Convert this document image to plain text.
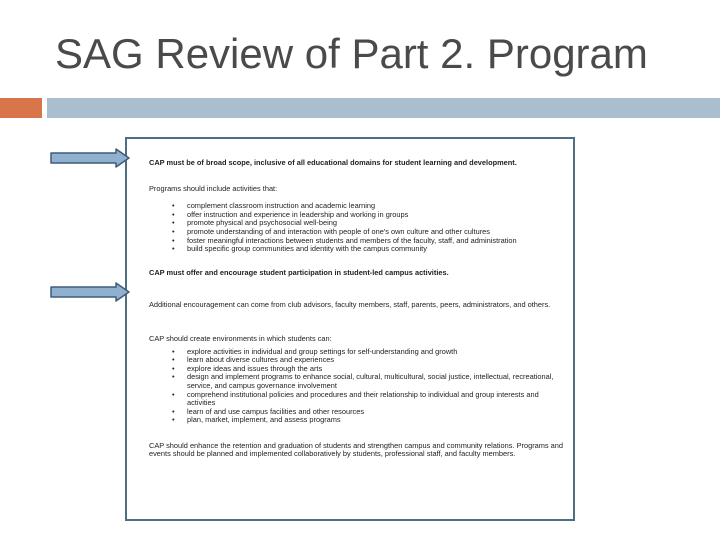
SAG Review of Part 2. Program

CAP must be of broad scope, inclusive of all educational domains for student learning and development.

Programs should include activities that:

• complement classroom instruction and academic learning
• offer instruction and experience in leadership and working in groups
• promote physical and psychosocial well-being
• promote understanding of and interaction with people of one's own culture and other cultures
• foster meaningful interactions between students and members of the faculty, staff, and administration
• build specific group communities and identity with the campus community

CAP must offer and encourage student participation in student-led campus activities.

Additional encouragement can come from club advisors, faculty members, staff, parents, peers, administrators, and others.

CAP should create environments in which students can:

• explore activities in individual and group settings for self-understanding and growth
• learn about diverse cultures and experiences
• explore ideas and issues through the arts
• design and implement programs to enhance social, cultural, multicultural, social justice, intellectual, recreational, service, and campus governance involvement
• comprehend institutional policies and procedures and their relationship to individual and group interests and activities
• learn of and use campus facilities and other resources
• plan, market, implement, and assess programs

CAP should enhance the retention and graduation of students and strengthen campus and community relations. Programs and events should be planned and implemented collaboratively by students, professional staff, and faculty members.
